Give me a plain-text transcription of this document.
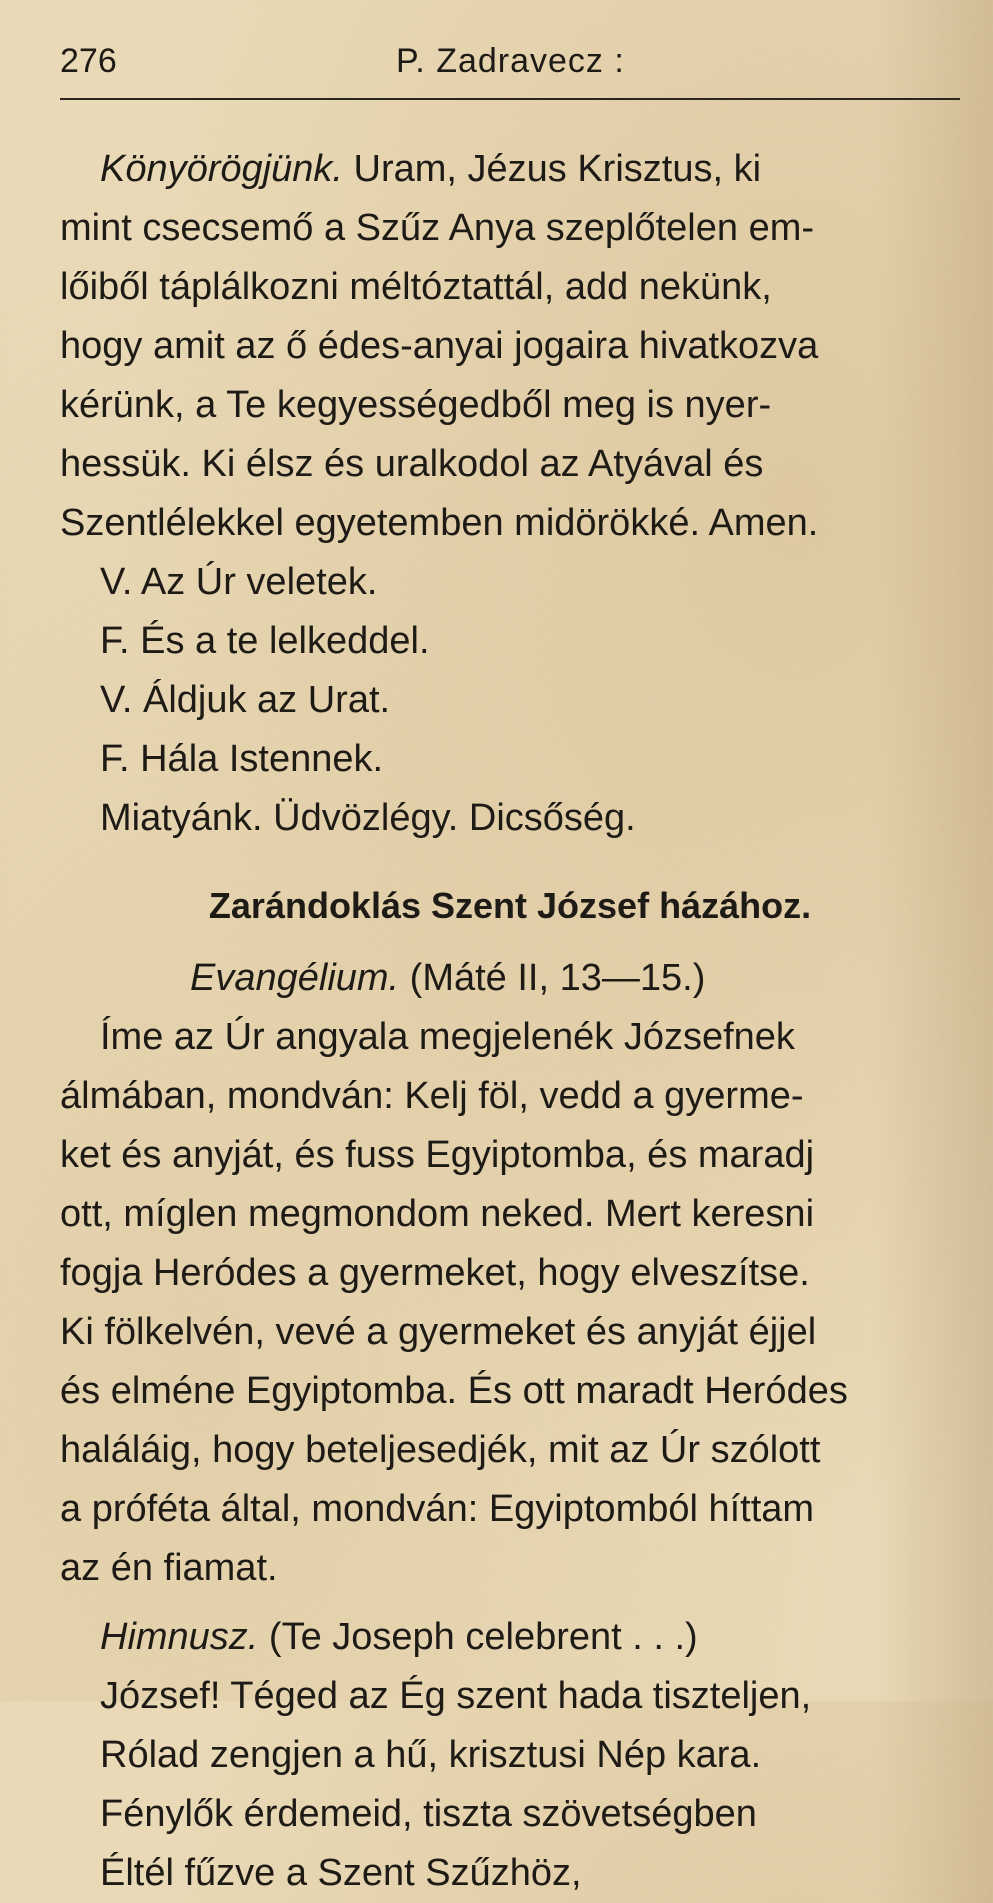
276	P. Zadravecz :
Könyörögjünk. Uram, Jézus Krisztus, ki
mint csecsemő a Szűz Anya szeplőtelen em-
lőiből táplálkozni méltóztattál, add nekünk,
hogy amit az ő édes-anyai jogaira hivatkozva
kérünk, a Te kegyességedből meg is nyer-
hessük. Ki élsz és uralkodol az Atyával és
Szentlélekkel egyetemben midörökké. Amen.
V. Az Úr veletek.
F. És a te lelkeddel.
V. Áldjuk az Urat.
F. Hála Istennek.
Miatyánk. Üdvözlégy. Dicsőség.
Zarándoklás Szent József házához.
Evangélium. (Máté II, 13—15.)
Íme az Úr angyala megjelenék Józsefnek
álmában, mondván: Kelj föl, vedd a gyerme-
ket és anyját, és fuss Egyiptomba, és maradj
ott, míglen megmondom neked. Mert keresni
fogja Heródes a gyermeket, hogy elveszítse.
Ki fölkelvén, vevé a gyermeket és anyját éjjel
és elméne Egyiptomba. És ott maradt Heródes
haláláig, hogy beteljesedjék, mit az Úr szólott
a próféta által, mondván: Egyiptomból híttam
az én fiamat.
Himnusz. (Te Joseph celebrent . . .)
József! Téged az Ég szent hada tiszteljen,
Rólad zengjen a hű, krisztusi Nép kara.
Fénylők érdemeid, tiszta szövetségben
Éltél fűzve a Szent Szűzhöz,
